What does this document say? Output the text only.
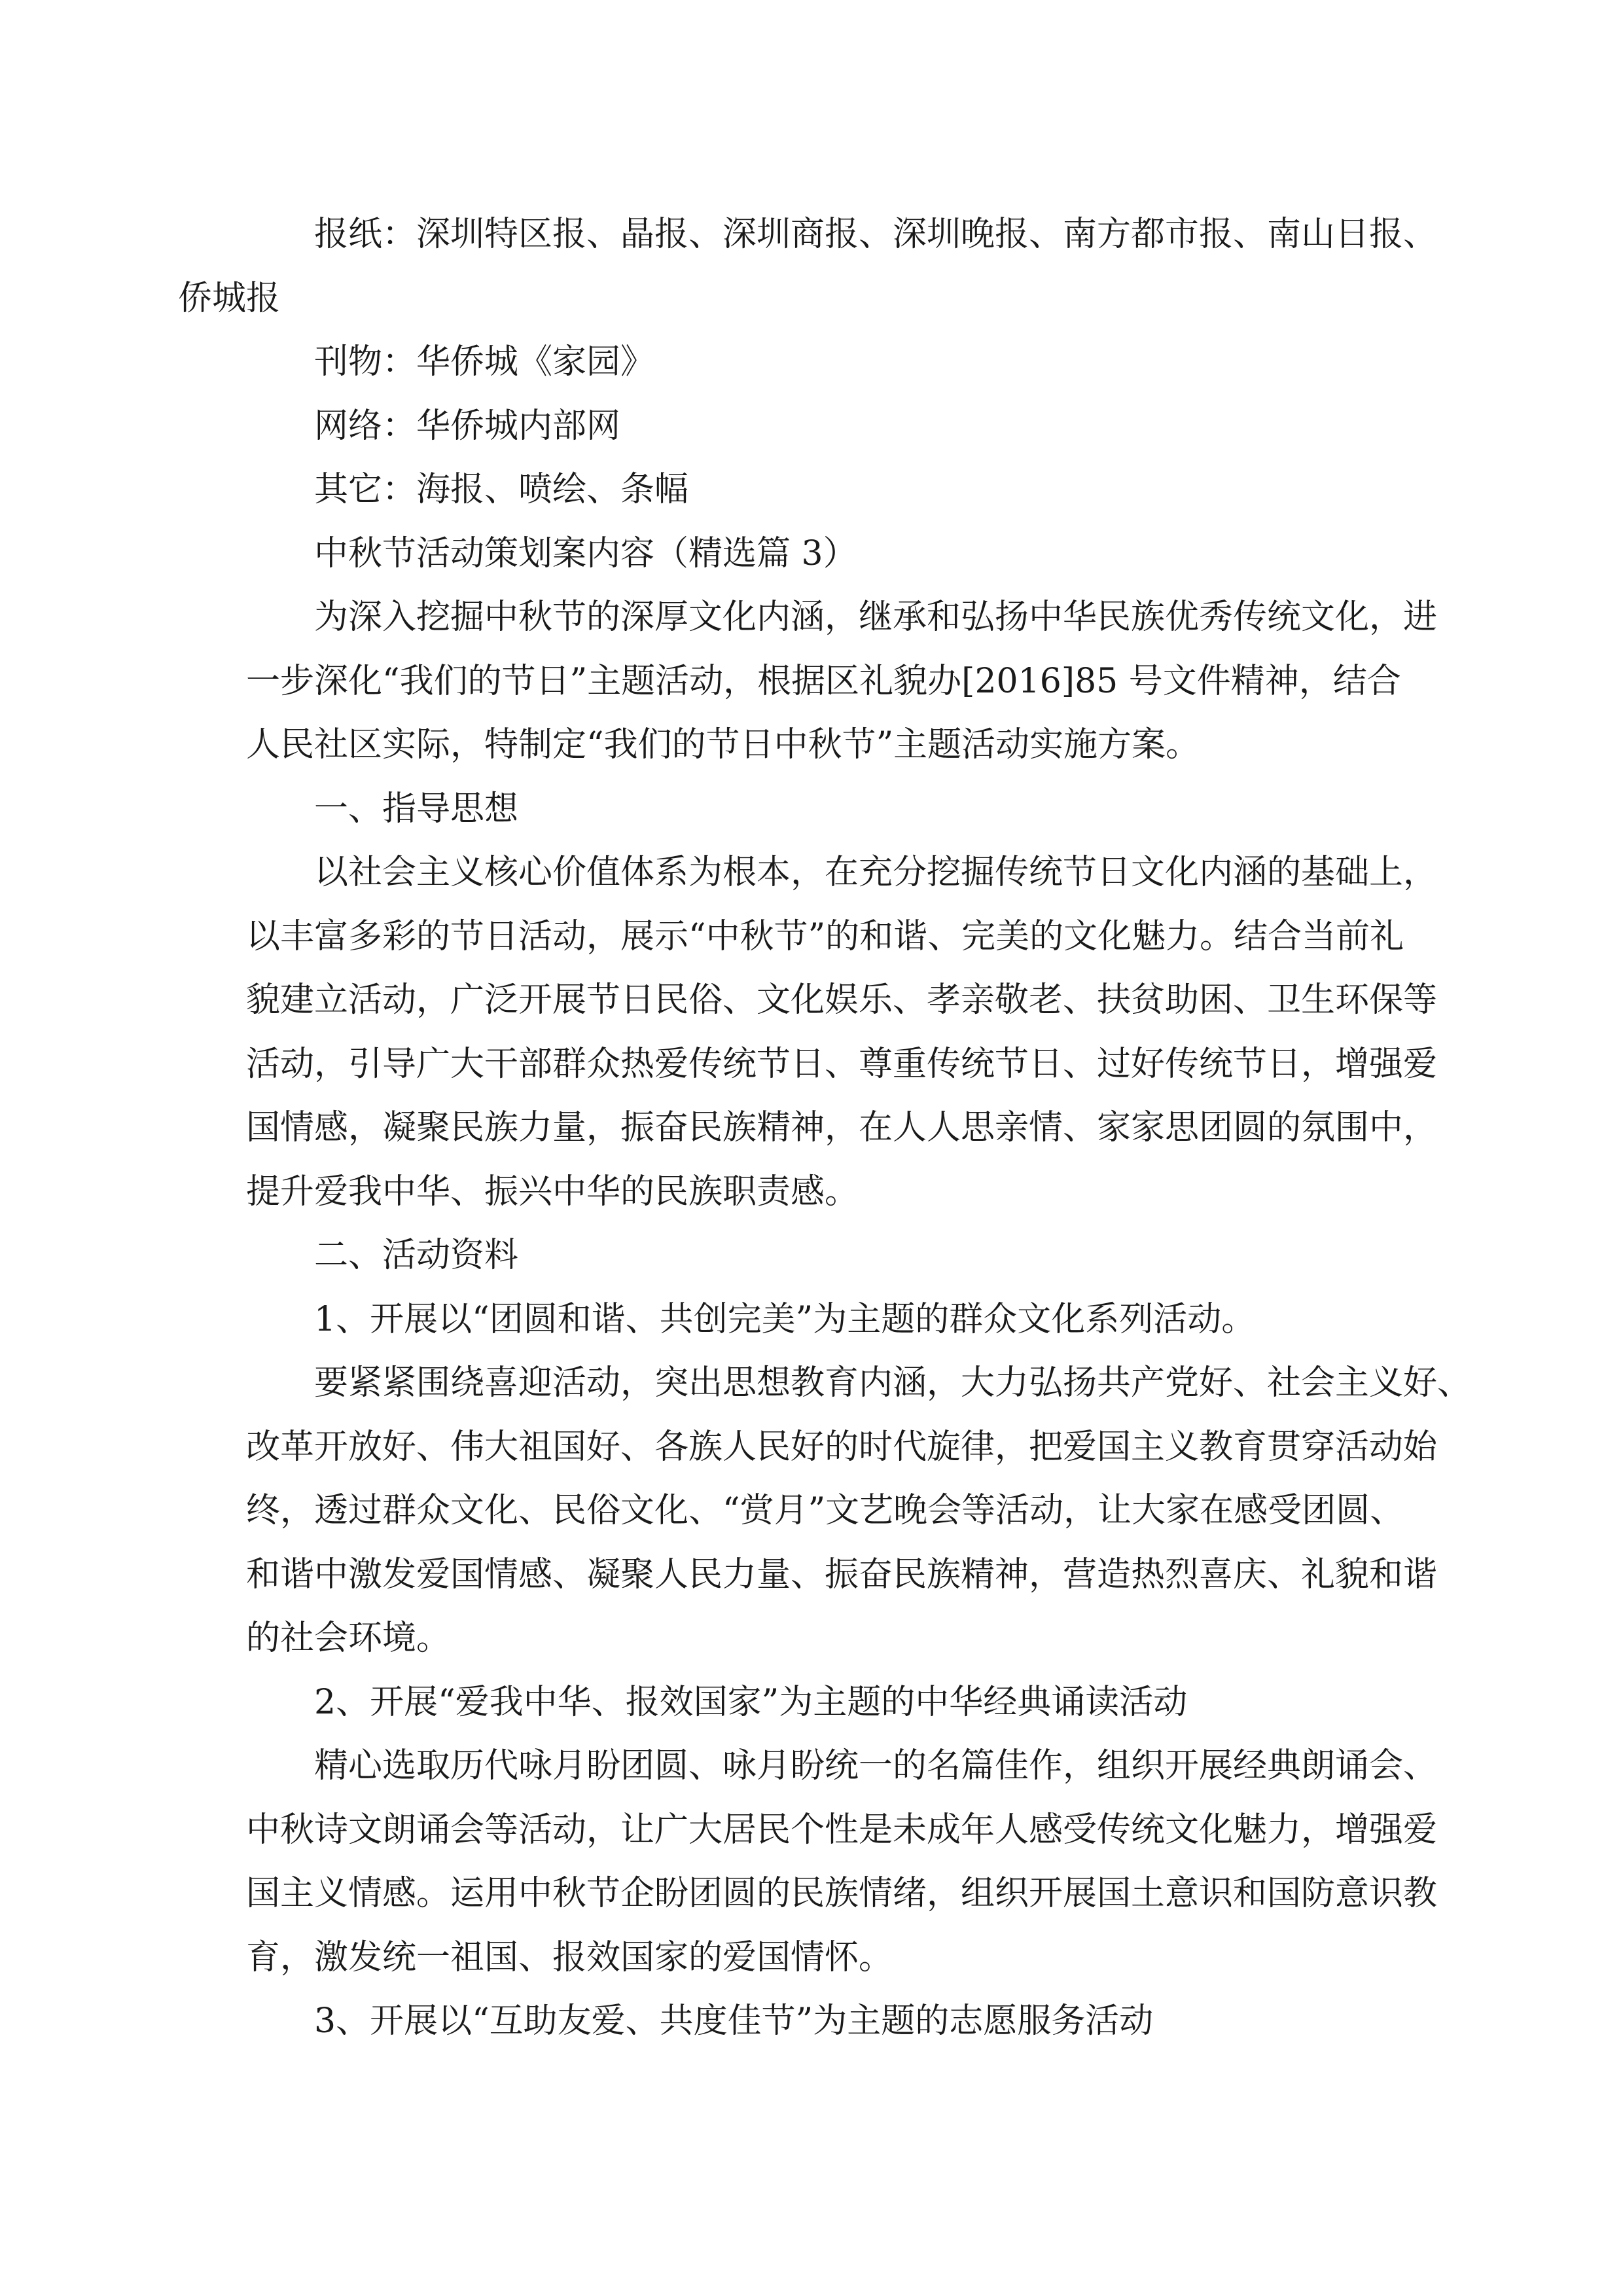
报纸：深圳特区报、晶报、深圳商报、深圳晚报、南方都市报、南山日报、
侨城报

刊物：华侨城《家园》

网络：华侨城内部网

其它：海报、喷绘、条幅

中秋节活动策划案内容（精选篇 3）

为深入挖掘中秋节的深厚文化内涵，继承和弘扬中华民族优秀传统文化，进
一步深化“我们的节日”主题活动，根据区礼貌办[2016]85 号文件精神，结合
人民社区实际，特制定“我们的节日中秋节”主题活动实施方案。

一、指导思想

以社会主义核心价值体系为根本，在充分挖掘传统节日文化内涵的基础上，
以丰富多彩的节日活动，展示“中秋节”的和谐、完美的文化魅力。结合当前礼
貌建立活动，广泛开展节日民俗、文化娱乐、孝亲敬老、扶贫助困、卫生环保等
活动，引导广大干部群众热爱传统节日、尊重传统节日、过好传统节日，增强爱
国情感，凝聚民族力量，振奋民族精神，在人人思亲情、家家思团圆的氛围中，
提升爱我中华、振兴中华的民族职责感。

二、活动资料

1、开展以“团圆和谐、共创完美”为主题的群众文化系列活动。

要紧紧围绕喜迎活动，突出思想教育内涵，大力弘扬共产党好、社会主义好、
改革开放好、伟大祖国好、各族人民好的时代旋律，把爱国主义教育贯穿活动始
终，透过群众文化、民俗文化、“赏月”文艺晚会等活动，让大家在感受团圆、
和谐中激发爱国情感、凝聚人民力量、振奋民族精神，营造热烈喜庆、礼貌和谐
的社会环境。

2、开展“爱我中华、报效国家”为主题的中华经典诵读活动

精心选取历代咏月盼团圆、咏月盼统一的名篇佳作，组织开展经典朗诵会、
中秋诗文朗诵会等活动，让广大居民个性是未成年人感受传统文化魅力，增强爱
国主义情感。运用中秋节企盼团圆的民族情绪，组织开展国土意识和国防意识教
育，激发统一祖国、报效国家的爱国情怀。

3、开展以“互助友爱、共度佳节”为主题的志愿服务活动
